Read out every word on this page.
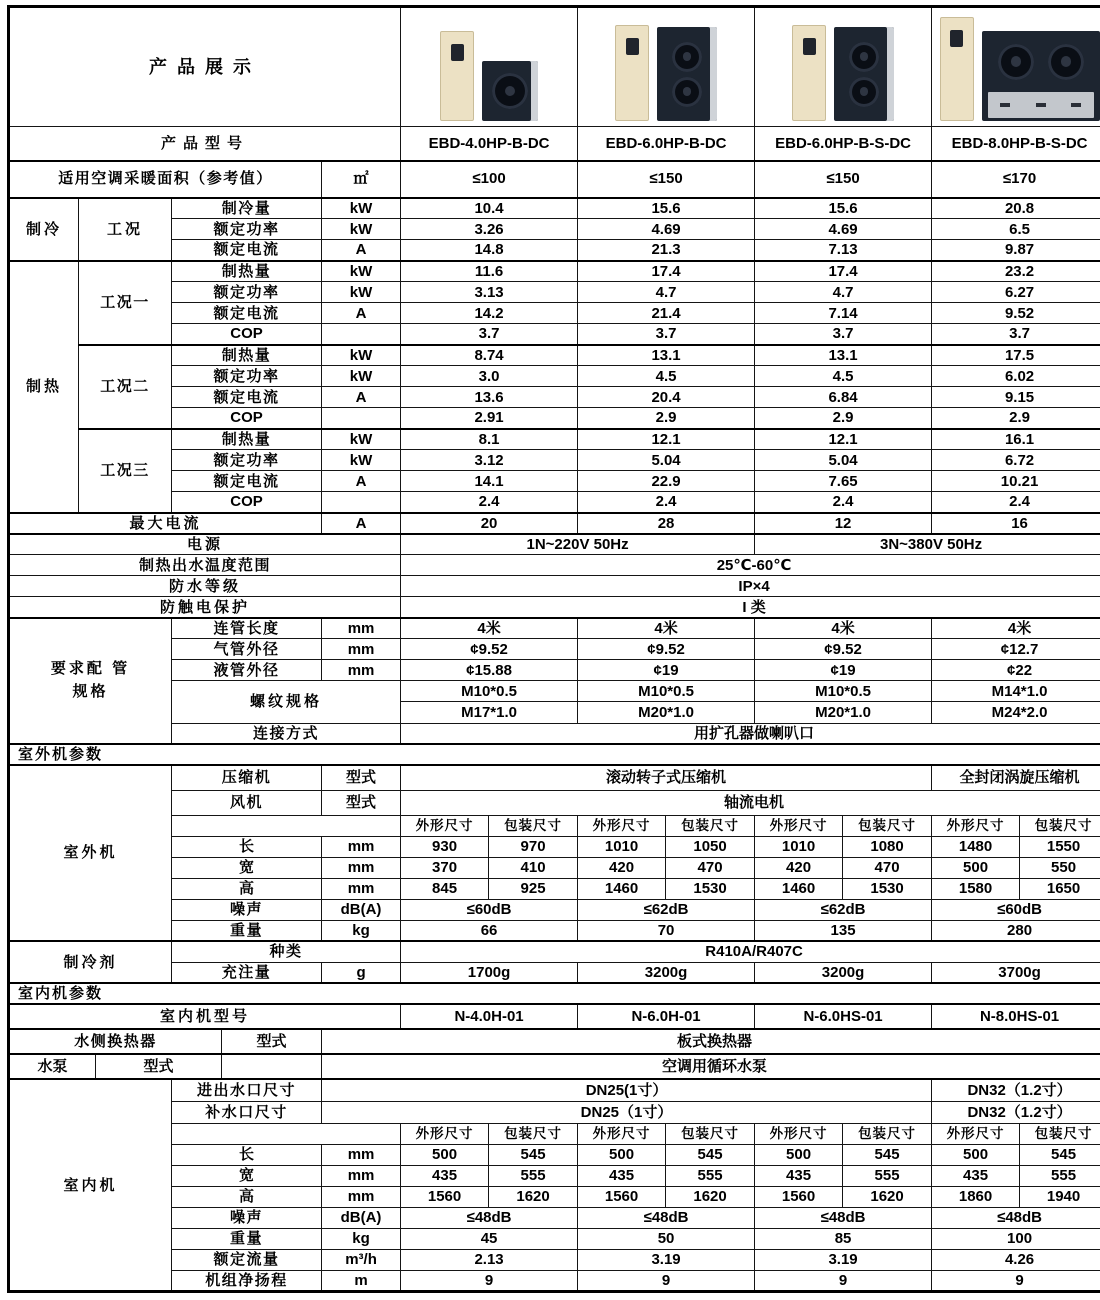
产品展示										

产品型号						EBD-4.0HP-B-DC		EBD-6.0HP-B-DC		EBD-6.0HP-B-S-DC		EBD-8.0HP-B-S-DC	
适用空调采暖面积（参考值）					㎡	≤100		≤150		≤150		≤170	
制冷	工况		制冷量		kW	10.4		15.6		15.6		20.8	
			额定功率		kW	3.26		4.69		4.69		6.5	
			额定电流		A	14.8		21.3		7.13		9.87	
制热	工况一		制热量		kW	11.6		17.4		17.4		23.2	
			额定功率		kW	3.13		4.7		4.7		6.27	
			额定电流		A	14.2		21.4		7.14		9.52	
			COP			3.7		3.7		3.7		3.7	
	工况二		制热量		kW	8.74		13.1		13.1		17.5	
			额定功率		kW	3.0		4.5		4.5		6.02	
			额定电流		A	13.6		20.4		6.84		9.15	
			COP			2.91		2.9		2.9		2.9	
	工况三		制热量		kW	8.1		12.1		12.1		16.1	
			额定功率		kW	3.12		5.04		5.04		6.72	
			额定电流		A	14.1		22.9		7.65		10.21	
			COP			2.4		2.4		2.4		2.4	
最大电流					A	20		28		12		16	
电源						1N~220V 50Hz				3N~380V 50Hz			
制热出水温度范围						25℃-60℃							
防水等级						IP×4							
防触电保护						I 类							
要求配 管
规格			连管长度		mm	4米		4米		4米		4米	
			气管外径		mm	¢9.52		¢9.52		¢9.52		¢12.7	
			液管外径		mm	¢15.88		¢19		¢19		¢22	
			螺纹规格			M10*0.5		M10*0.5		M10*0.5		M14*1.0	
						M17*1.0		M20*1.0		M20*1.0		M24*2.0	
			连接方式			用扩孔器做喇叭口							
室外机参数													
室外机			压缩机		型式	滚动转子式压缩机						全封闭涡旋压缩机	
			风机		型式	轴流电机							
						外形尺寸	包装尺寸	外形尺寸	包装尺寸	外形尺寸	包装尺寸	外形尺寸	包装尺寸
			长		mm	930	970	1010	1050	1010	1080	1480	1550
			宽		mm	370	410	420	470	420	470	500	550
			高		mm	845	925	1460	1530	1460	1530	1580	1650
			噪声		dB(A)	≤60dB		≤62dB		≤62dB		≤60dB	
			重量		kg	66		70		135		280	
制冷剂			种类			R410A/R407C							
			充注量		g	1700g		3200g		3200g		3700g	
室内机参数													
室内机型号						N-4.0H-01		N-6.0H-01		N-6.0HS-01		N-8.0HS-01	
水侧换热器				型式	板式换热器								
水泵		型式			空调用循环水泵								
室内机			进出水口尺寸		DN25(1寸）							DN32（1.2寸）	
			补水口尺寸		DN25（1寸）							DN32（1.2寸）	
						外形尺寸	包装尺寸	外形尺寸	包装尺寸	外形尺寸	包装尺寸	外形尺寸	包装尺寸
			长		mm	500	545	500	545	500	545	500	545
			宽		mm	435	555	435	555	435	555	435	555
			高		mm	1560	1620	1560	1620	1560	1620	1860	1940
			噪声		dB(A)	≤48dB		≤48dB		≤48dB		≤48dB	
			重量		kg	45		50		85		100	
			额定流量		m³/h	2.13		3.19		3.19		4.26	
			机组净扬程		m	9		9		9		9	
